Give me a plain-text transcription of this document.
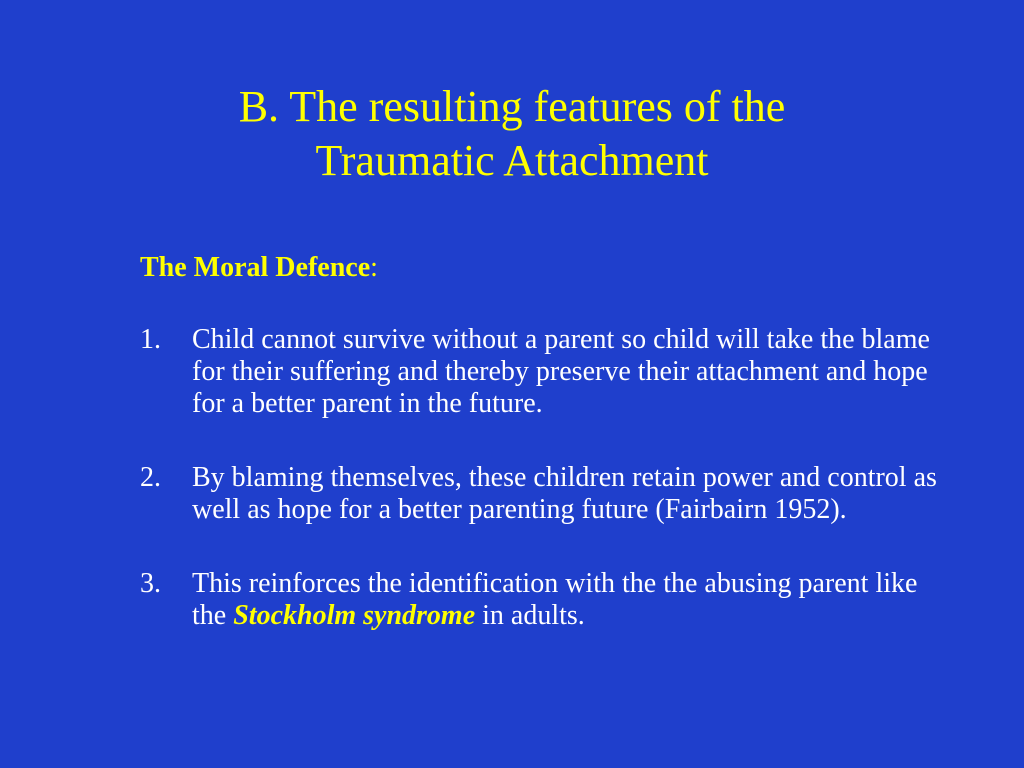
B. The resulting features of the
Traumatic Attachment

The Moral Defence:

1.	Child cannot survive without a parent so child will take the blame for their suffering and thereby preserve their attachment and hope for a better parent in the future.
2.	By blaming themselves, these children retain power and control as well as hope for a better parenting future (Fairbairn 1952).
3.	This reinforces the identification with the the abusing parent like the Stockholm syndrome in adults.
